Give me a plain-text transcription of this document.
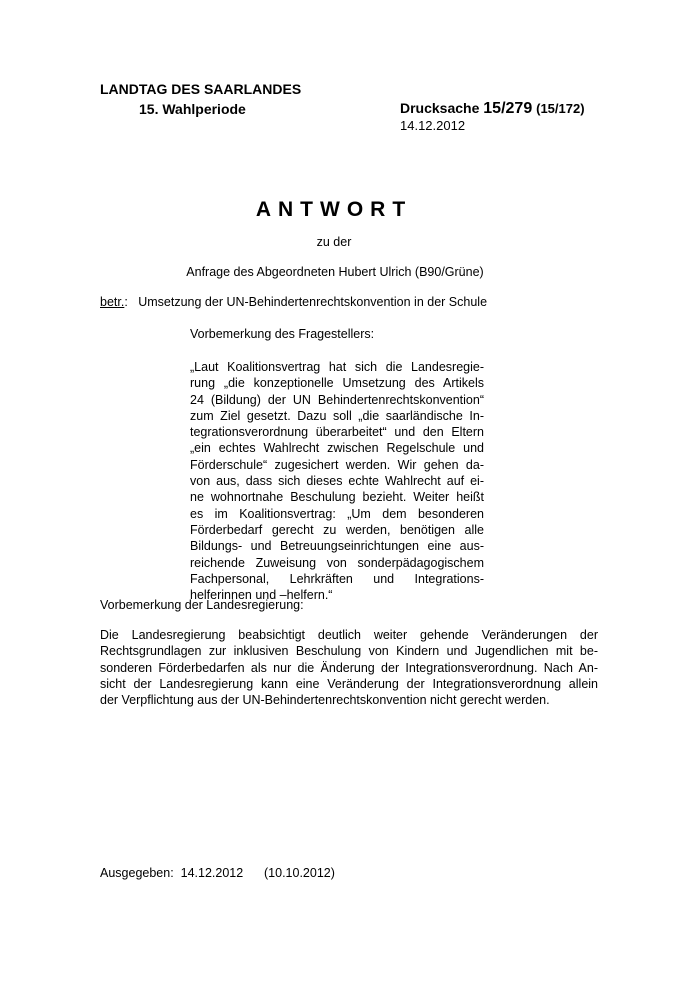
LANDTAG DES SAARLANDES
15. Wahlperiode	Drucksache 15/279 (15/172)
14.12.2012
ANTWORT
zu der
Anfrage des Abgeordneten Hubert Ulrich (B90/Grüne)
betr.:   Umsetzung der UN-Behindertenrechtskonvention in der Schule
Vorbemerkung des Fragestellers:
„Laut Koalitionsvertrag hat sich die Landesregie-
rung „die konzeptionelle Umsetzung des Artikels
24 (Bildung) der UN Behindertenrechtskonvention“
zum Ziel gesetzt. Dazu soll „die saarländische In-
tegrationsverordnung überarbeitet“ und den Eltern
„ein echtes Wahlrecht zwischen Regelschule und
Förderschule“ zugesichert werden. Wir gehen da-
von aus, dass sich dieses echte Wahlrecht auf ei-
ne wohnortnahe Beschulung bezieht. Weiter heißt
es im Koalitionsvertrag: „Um dem besonderen
Förderbedarf gerecht zu werden, benötigen alle
Bildungs- und Betreuungseinrichtungen eine aus-
reichende Zuweisung von sonderpädagogischem
Fachpersonal, Lehrkräften und Integrations-
helferinnen und –helfern.“
Vorbemerkung der Landesregierung:
Die Landesregierung beabsichtigt deutlich weiter gehende Veränderungen der
Rechtsgrundlagen zur inklusiven Beschulung von Kindern und Jugendlichen mit be-
sonderen Förderbedarfen als nur die Änderung der Integrationsverordnung. Nach An-
sicht der Landesregierung kann eine Veränderung der Integrationsverordnung allein
der Verpflichtung aus der UN-Behindertenrechtskonvention nicht gerecht werden.
Ausgegeben:  14.12.2012      (10.10.2012)
